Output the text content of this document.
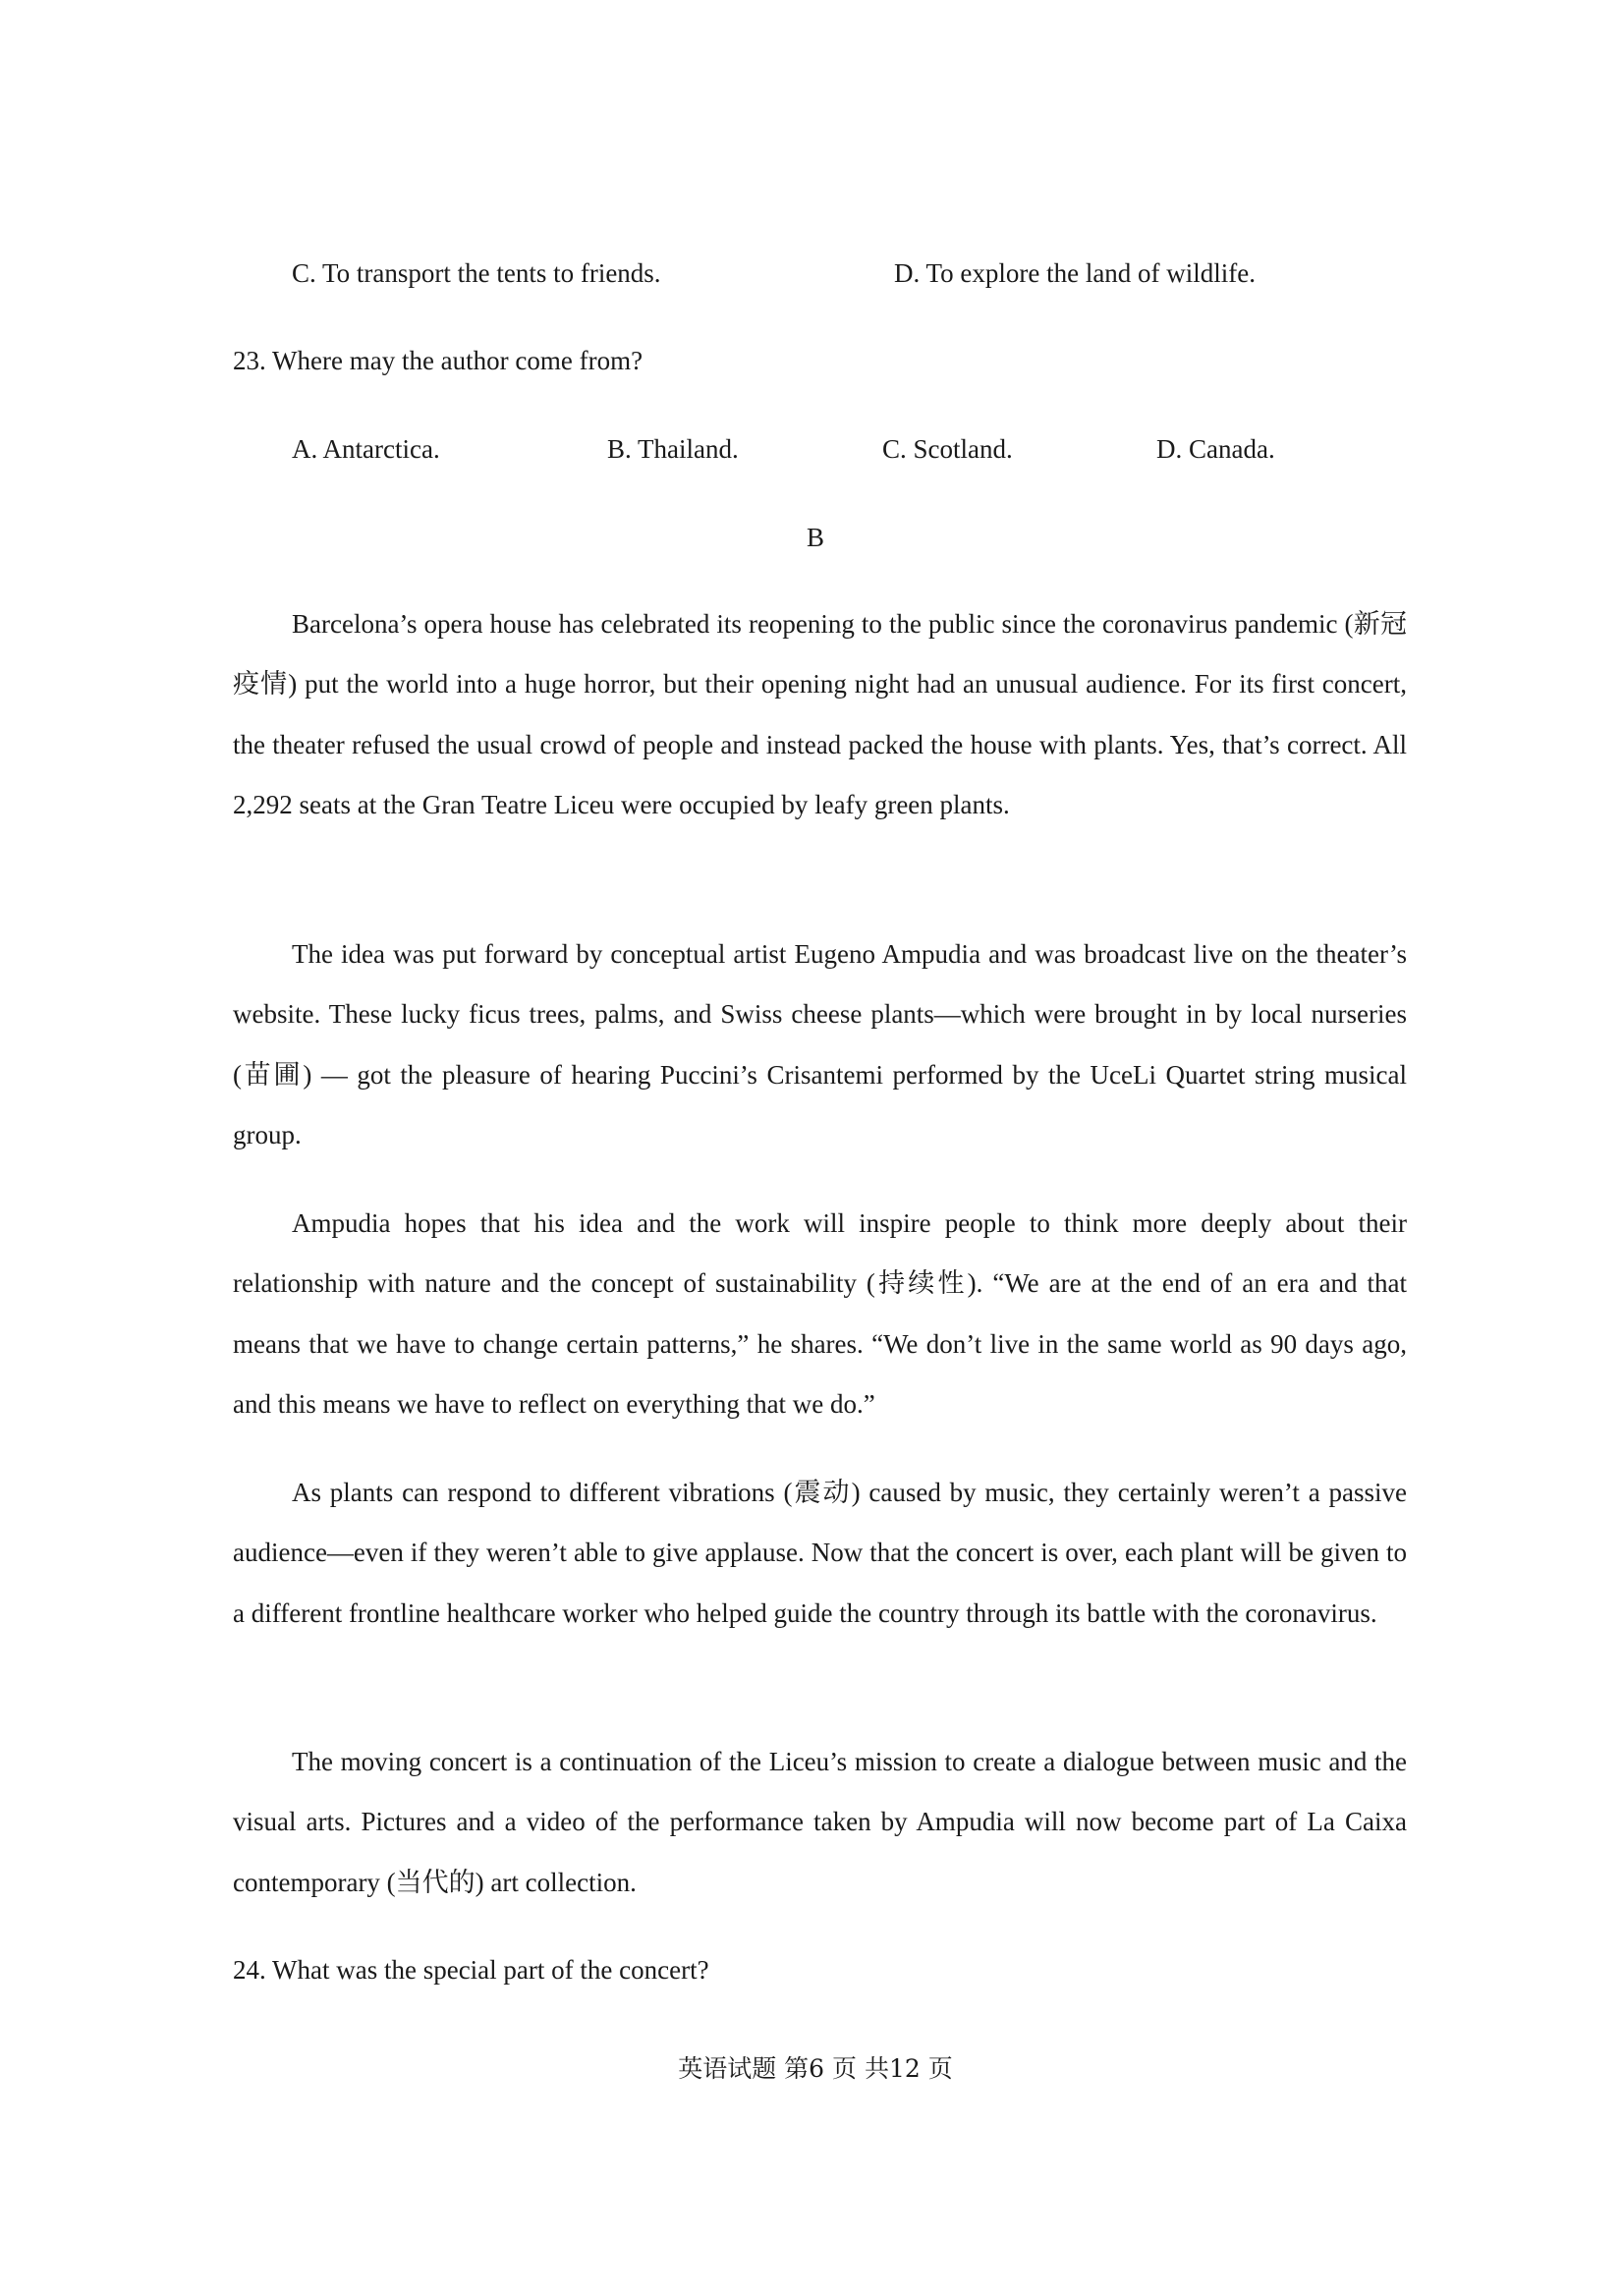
C. To transport the tents to friends.	D. To explore the land of wildlife.
23. Where may the author come from?
A. Antarctica.	B. Thailand.	C. Scotland.	D. Canada.
B

Barcelona’s opera house has celebrated its reopening to the public since the coronavirus pandemic (新冠疫情) put the world into a huge horror, but their opening night had an unusual audience. For its first concert, the theater refused the usual crowd of people and instead packed the house with plants. Yes, that’s correct. All 2,292 seats at the Gran Teatre Liceu were occupied by leafy green plants.

The idea was put forward by conceptual artist Eugeno Ampudia and was broadcast live on the theater’s website. These lucky ficus trees, palms, and Swiss cheese plants—which were brought in by local nurseries (苗圃) — got the pleasure of hearing Puccini’s Crisantemi performed by the UceLi Quartet string musical group.

Ampudia hopes that his idea and the work will inspire people to think more deeply about their relationship with nature and the concept of sustainability (持续性). “We are at the end of an era and that means that we have to change certain patterns,” he shares. “We don’t live in the same world as 90 days ago, and this means we have to reflect on everything that we do.”

As plants can respond to different vibrations (震动) caused by music, they certainly weren’t a passive audience—even if they weren’t able to give applause. Now that the concert is over, each plant will be given to a different frontline healthcare worker who helped guide the country through its battle with the coronavirus.

The moving concert is a continuation of the Liceu’s mission to create a dialogue between music and the visual arts. Pictures and a video of the performance taken by Ampudia will now become part of La Caixa contemporary (当代的) art collection.

24. What was the special part of the concert?
英语试题 第6 页 共12 页
